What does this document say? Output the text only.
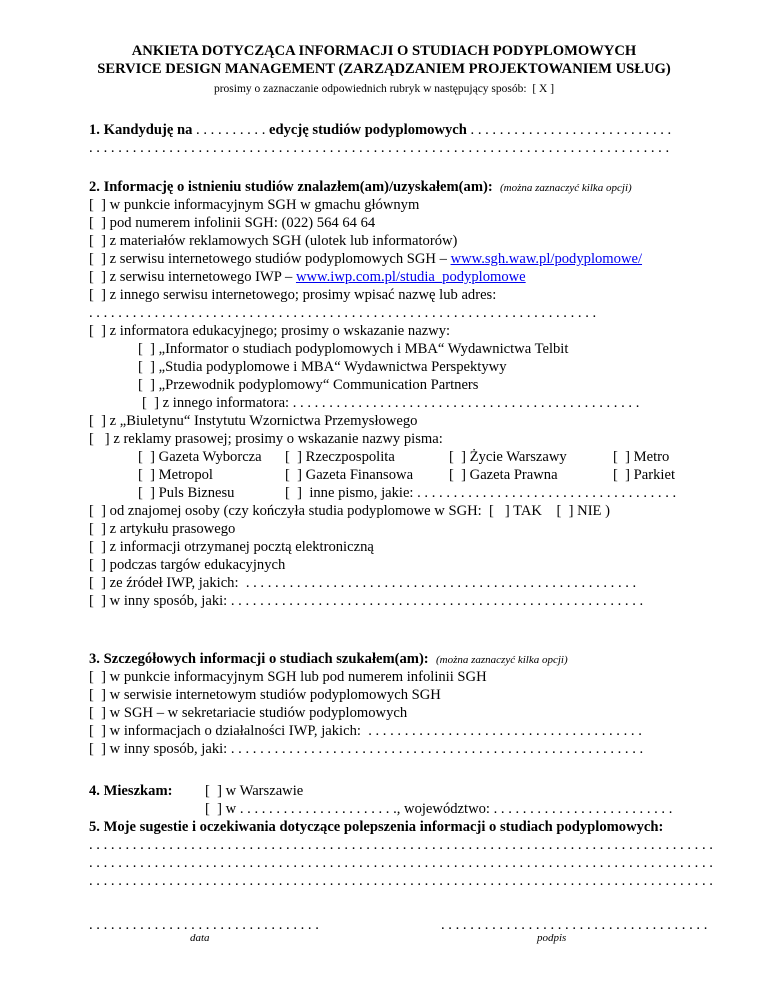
ANKIETA DOTYCZĄCA INFORMACJI O STUDIACH PODYPLOMOWYCH
SERVICE DESIGN MANAGEMENT (ZARZĄDZANIEM PROJEKTOWANIEM USŁUG)
prosimy o zaznaczanie odpowiednich rubryk w następujący sposób:  [ X ]
1. Kandyduję na . . . . . . . . . . edycję studiów podyplomowych . . . . . . . . . . . . . . . . . . . . . . . . . . . .
. . . . . . . . . . . . . . . . . . . . . . . . . . . . . . . . . . . . . . . . . . . . . . . . . . . . . . . . . . . . . . . . . . . . . . . . . . . . . . . .
2. Informację o istnieniu studiów znalazłem(am)/uzyskałem(am): (można zaznaczyć kilka opcji)
[  ] w punkcie informacyjnym SGH w gmachu głównym
[  ] pod numerem infolinii SGH: (022) 564 64 64
[  ] z materiałów reklamowych SGH (ulotek lub informatorów)
[  ] z serwisu internetowego studiów podyplomowych SGH – www.sgh.waw.pl/podyplomowe/
[  ] z serwisu internetowego IWP – www.iwp.com.pl/studia_podyplomowe
[  ] z innego serwisu internetowego; prosimy wpisać nazwę lub adres:
. . . . . . . . . . . . . . . . . . . . . . . . . . . . . . . . . . . . . . . . . . . . . . . . . . . . . . . . . . . . . . . . . . . . . .
[  ] z informatora edukacyjnego; prosimy o wskazanie nazwy:
[  ] „Informator o studiach podyplomowych i MBA“ Wydawnictwa Telbit
[  ] „Studia podyplomowe i MBA“ Wydawnictwa Perspektywy
[  ] „Przewodnik podyplomowy“ Communication Partners
[  ] z innego informatora: . . . . . . . . . . . . . . . . . . . . . . . . . . . . . . . . . . . . . . . . . . . . . . . .
[  ] z „Biuletynu“ Instytutu Wzornictwa Przemysłowego
[   ] z reklamy prasowej; prosimy o wskazanie nazwy pisma:
[  ] Gazeta Wyborcza [  ] Rzeczpospolita	[  ] Życie Warszawy	[  ] Metro
[  ] Metropol	[  ] Gazeta Finansowa [  ] Gazeta Prawna	[  ] Parkiet
[  ] Puls Biznesu	[  ]  inne pismo, jakie: . . . . . . . . . . . . . . . . . . . . . . . . . . . . . . . . . . . .
[  ] od znajomej osoby (czy kończyła studia podyplomowe w SGH:  [   ] TAK    [  ] NIE )
[  ] z artykułu prasowego
[  ] z informacji otrzymanej pocztą elektroniczną
[  ] podczas targów edukacyjnych
[  ] ze źródeł IWP, jakich:  . . . . . . . . . . . . . . . . . . . . . . . . . . . . . . . . . . . . . . . . . . . . . . . . . . . . . .
[  ] w inny sposób, jaki: . . . . . . . . . . . . . . . . . . . . . . . . . . . . . . . . . . . . . . . . . . . . . . . . . . . . . . . . .
3. Szczegółowych informacji o studiach szukałem(am): (można zaznaczyć kilka opcji)
[  ] w punkcie informacyjnym SGH lub pod numerem infolinii SGH
[  ] w serwisie internetowym studiów podyplomowych SGH
[  ] w SGH – w sekretariacie studiów podyplomowych
[  ] w informacjach o działalności IWP, jakich:  . . . . . . . . . . . . . . . . . . . . . . . . . . . . . . . . . . . . . .
[  ] w inny sposób, jaki: . . . . . . . . . . . . . . . . . . . . . . . . . . . . . . . . . . . . . . . . . . . . . . . . . . . . . . . . .
4. Mieszkam: [  ] w Warszawie
[  ] w . . . . . . . . . . . . . . . . . . . . . ., województwo: . . . . . . . . . . . . . . . . . . . . . . . . .
5. Moje sugestie i oczekiwania dotyczące polepszenia informacji o studiach podyplomowych:
. . . . . . . . . . . . . . . . . . . . . . . . . . . . . . . . . . . . . . . . . . . . . . . . . . . . . . . . . . . . . . . . . . . . . . . . . . . . . . . . . . . . . .
. . . . . . . . . . . . . . . . . . . . . . . . . . . . . . . . . . . . . . . . . . . . . . . . . . . . . . . . . . . . . . . . . . . . . . . . . . . . . . . . . . . . . .
. . . . . . . . . . . . . . . . . . . . . . . . . . . . . . . . . . . . . . . . . . . . . . . . . . . . . . . . . . . . . . . . . . . . . . . . . . . . . . . . . . . . . .
. . . . . . . . . . . . . . . . . . . . . . . . . . . . . . . .	. . . . . . . . . . . . . . . . . . . . . . . . . . . . . . . . . . . . .
data	podpis
